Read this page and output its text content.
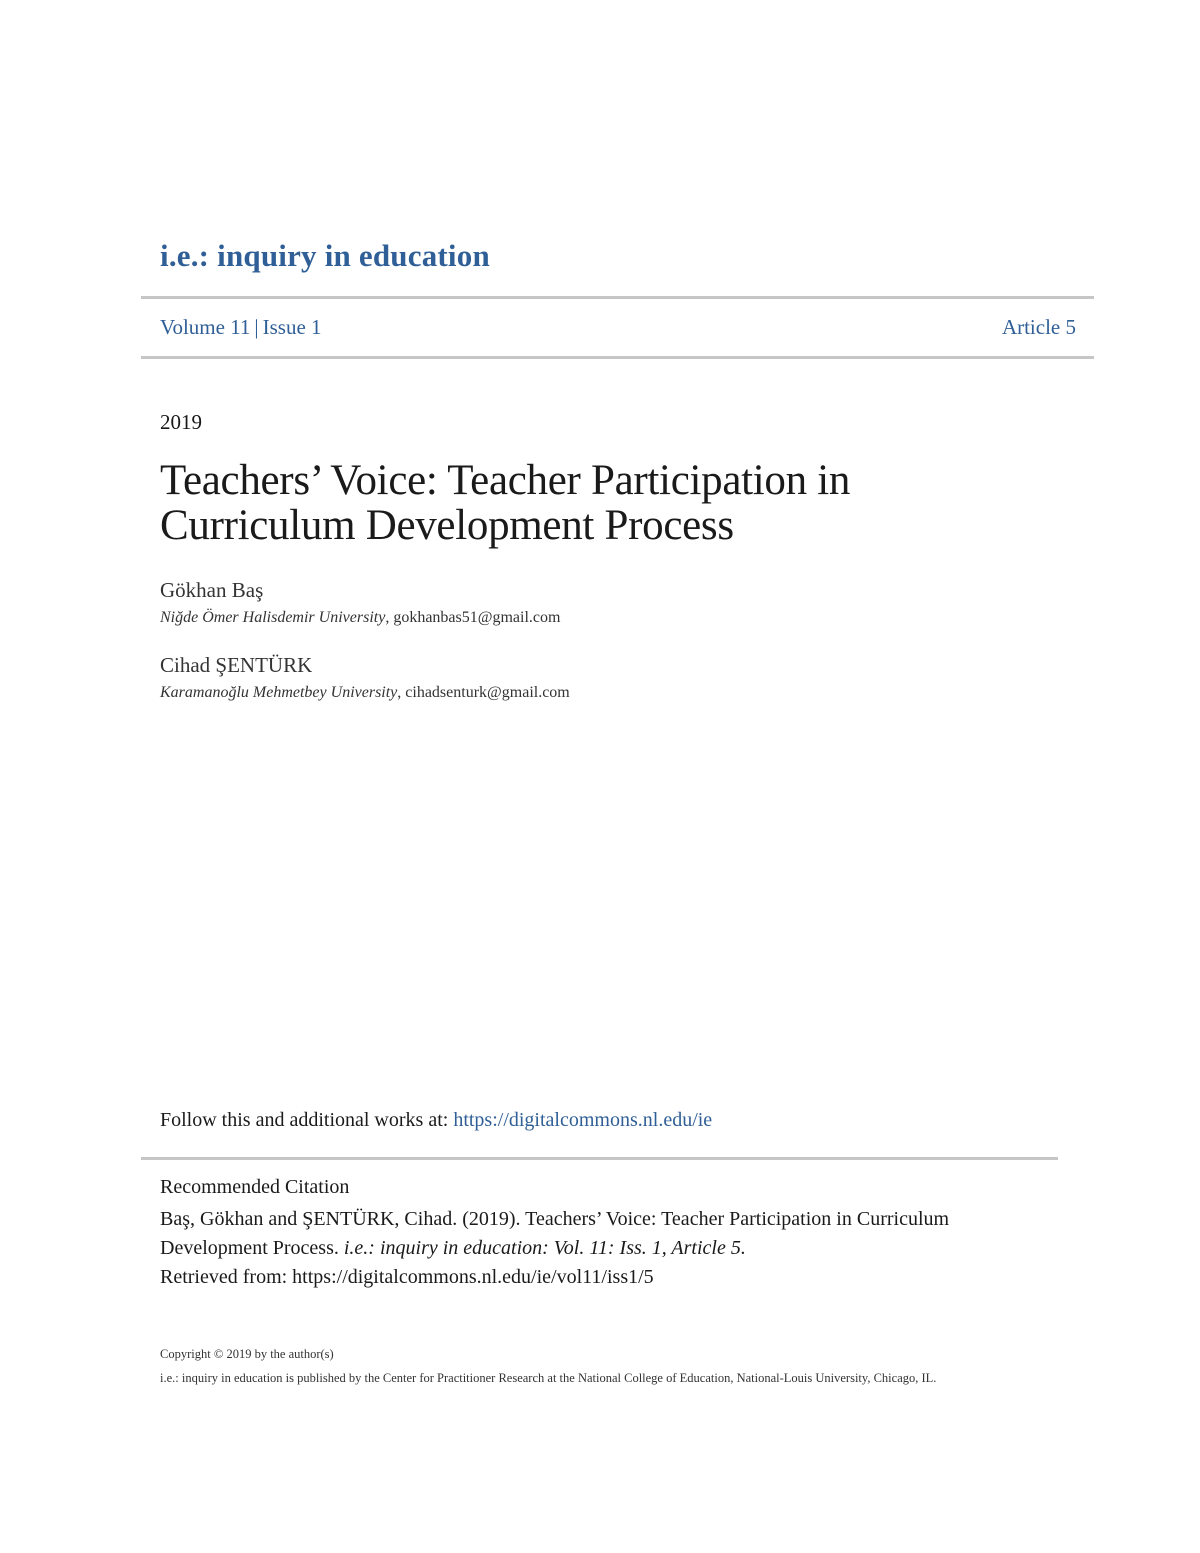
i.e.: inquiry in education
Volume 11 | Issue 1	Article 5
2019
Teachers’ Voice: Teacher Participation in
Curriculum Development Process
Gökhan Baş
Niğde Ömer Halisdemir University, gokhanbas51@gmail.com
Cihad ŞENTÜRK
Karamanoğlu Mehmetbey University, cihadsenturk@gmail.com
Follow this and additional works at: https://digitalcommons.nl.edu/ie
Recommended Citation
Baş, Gökhan and ŞENTÜRK, Cihad. (2019). Teachers’ Voice: Teacher Participation in Curriculum
Development Process. i.e.: inquiry in education: Vol. 11: Iss. 1, Article 5.
Retrieved from: https://digitalcommons.nl.edu/ie/vol11/iss1/5
Copyright © 2019 by the author(s)
i.e.: inquiry in education is published by the Center for Practitioner Research at the National College of Education, National-Louis University, Chicago, IL.
